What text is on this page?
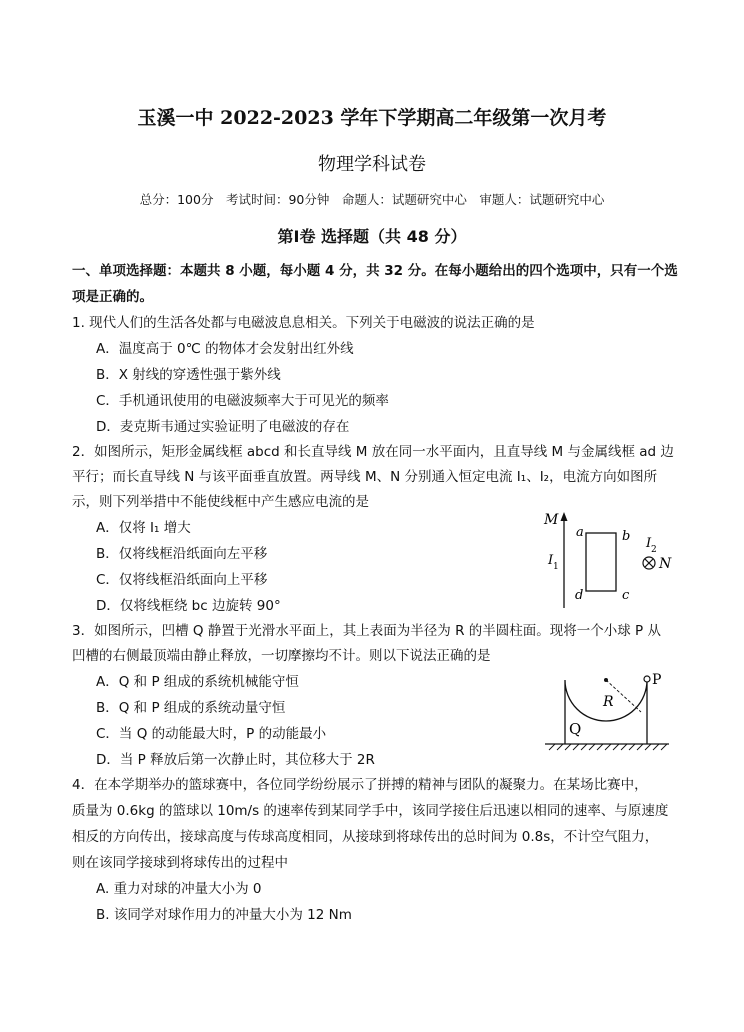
玉溪一中 2022-2023 学年下学期高二年级第一次月考
物理学科试卷
总分：100分　考试时间：90分钟　命题人：试题研究中心　审题人：试题研究中心
第Ⅰ卷 选择题（共 48 分）
一、单项选择题：本题共 8 小题，每小题 4 分，共 32 分。在每小题给出的四个选项中，只有一个选项是正确的。
1. 现代人们的生活各处都与电磁波息息相关。下列关于电磁波的说法正确的是
A．温度高于 0℃ 的物体才会发射出红外线
B．X 射线的穿透性强于紫外线
C．手机通讯使用的电磁波频率大于可见光的频率
D．麦克斯韦通过实验证明了电磁波的存在
2．如图所示，矩形金属线框 abcd 和长直导线 M 放在同一水平面内，且直导线 M 与金属线框 ad 边
平行；而长直导线 N 与该平面垂直放置。两导线 M、N 分别通入恒定电流 I₁、I₂，电流方向如图所
示，则下列举措中不能使线框中产生感应电流的是
A．仅将 I₁ 增大
B．仅将线框沿纸面向左平移
C．仅将线框沿纸面向上平移
D．仅将线框绕 bc 边旋转 90°
M
I 1
a	b
c
d
I 2
N
3．如图所示，凹槽 Q 静置于光滑水平面上，其上表面为半径为 R 的半圆柱面。现将一个小球 P 从
凹槽的右侧最顶端由静止释放，一切摩擦均不计。则以下说法正确的是
A．Q 和 P 组成的系统机械能守恒
B．Q 和 P 组成的系统动量守恒
C．当 Q 的动能最大时，P 的动能最小
D．当 P 释放后第一次静止时，其位移大于 2R
P
R
Q
4．在本学期举办的篮球赛中，各位同学纷纷展示了拼搏的精神与团队的凝聚力。在某场比赛中，
质量为 0.6kg 的篮球以 10m/s 的速率传到某同学手中，该同学接住后迅速以相同的速率、与原速度
相反的方向传出，接球高度与传球高度相同，从接球到将球传出的总时间为 0.8s，不计空气阻力，
则在该同学接球到将球传出的过程中
A. 重力对球的冲量大小为 0
B. 该同学对球作用力的冲量大小为 12 Nm
